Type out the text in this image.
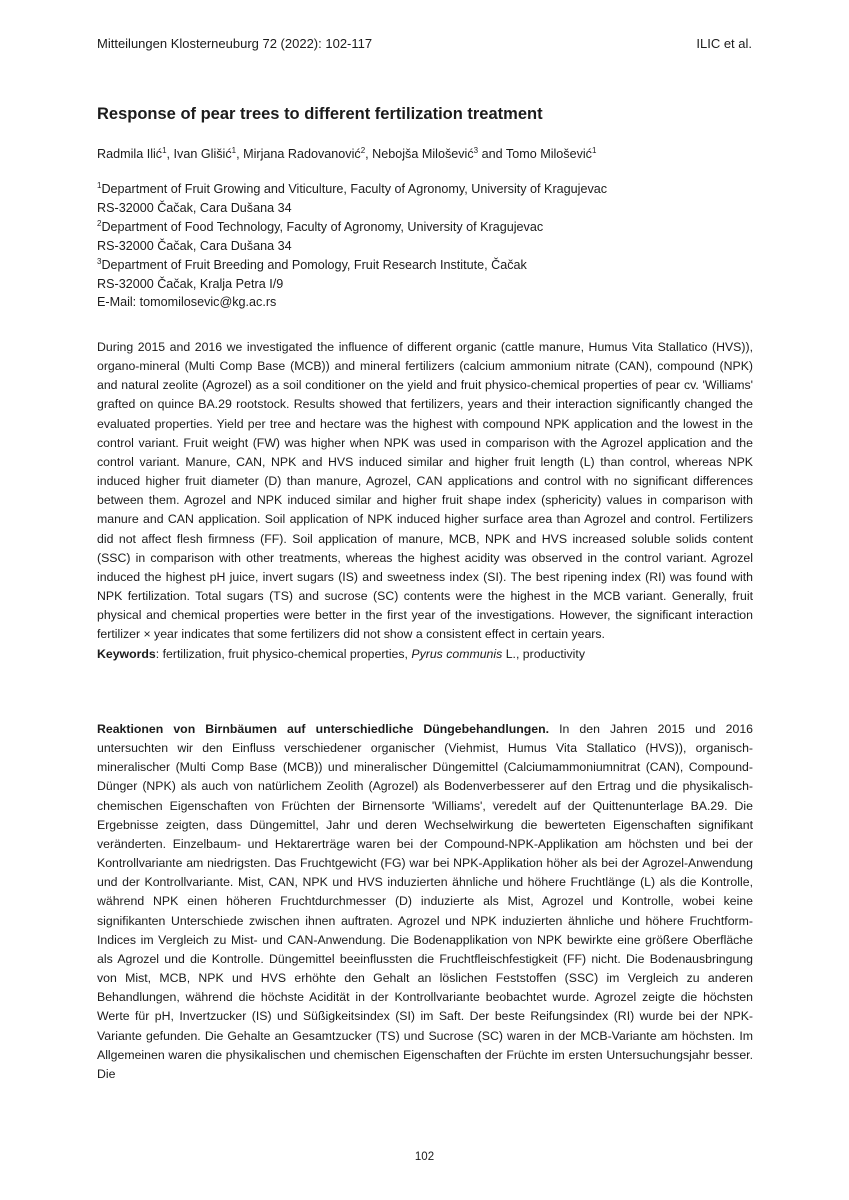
Mitteilungen Klosterneuburg 72 (2022): 102-117	ILIC et al.
Response of pear trees to different fertilization treatment
Radmila Ilić$^1$, Ivan Glišić$^1$, Mirjana Radovanović$^2$, Nebojša Milošević$^3$ and Tomo Milošević$^1$
$^1$Department of Fruit Growing and Viticulture, Faculty of Agronomy, University of Kragujevac
RS-32000 Čačak, Cara Dušana 34
$^2$Department of Food Technology, Faculty of Agronomy, University of Kragujevac
RS-32000 Čačak, Cara Dušana 34
$^3$Department of Fruit Breeding and Pomology, Fruit Research Institute, Čačak
RS-32000 Čačak, Kralja Petra I/9
E-Mail: tomomilosevic@kg.ac.rs

During 2015 and 2016 we investigated the influence of different organic (cattle manure, Humus Vita Stallatico (HVS)), organo-mineral (Multi Comp Base (MCB)) and mineral fertilizers (calcium ammonium nitrate (CAN), compound (NPK) and natural zeolite (Agrozel) as a soil conditioner on the yield and fruit physico-chemical properties of pear cv. 'Williams' grafted on quince BA.29 rootstock. Results showed that fertilizers, years and their interaction significantly changed the evaluated properties. Yield per tree and hectare was the highest with compound NPK application and the lowest in the control variant. Fruit weight (FW) was higher when NPK was used in comparison with the Agrozel application and the control variant. Manure, CAN, NPK and HVS induced similar and higher fruit length (L) than control, whereas NPK induced higher fruit diameter (D) than manure, Agrozel, CAN applications and control with no significant differences between them. Agrozel and NPK induced similar and higher fruit shape index (sphericity) values in comparison with manure and CAN application. Soil application of NPK induced higher surface area than Agrozel and control. Fertilizers did not affect flesh firmness (FF). Soil application of manure, MCB, NPK and HVS increased soluble solids content (SSC) in comparison with other treatments, whereas the highest acidity was observed in the control variant. Agrozel induced the highest pH juice, invert sugars (IS) and sweetness index (SI). The best ripening index (RI) was found with NPK fertilization. Total sugars (TS) and sucrose (SC) contents were the highest in the MCB variant. Generally, fruit physical and chemical properties were better in the first year of the investigations. However, the significant interaction fertilizer × year indicates that some fertilizers did not show a consistent effect in certain years.

Keywords: fertilization, fruit physico-chemical properties, Pyrus communis L., productivity

Reaktionen von Birnbäumen auf unterschiedliche Düngebehandlungen. In den Jahren 2015 und 2016 untersuchten wir den Einfluss verschiedener organischer (Viehmist, Humus Vita Stallatico (HVS)), organisch-mineralischer (Multi Comp Base (MCB)) und mineralischer Düngemittel (Calciumammoniumnitrat (CAN), Compound-Dünger (NPK) als auch von natürlichem Zeolith (Agrozel) als Bodenverbesserer auf den Ertrag und die physikalisch-chemischen Eigenschaften von Früchten der Birnensorte 'Williams', veredelt auf der Quittenunterlage BA.29. Die Ergebnisse zeigten, dass Düngemittel, Jahr und deren Wechselwirkung die bewerteten Eigenschaften signifikant veränderten. Einzelbaum- und Hektarerträge waren bei der Compound-NPK-Applikation am höchsten und bei der Kontrollvariante am niedrigsten. Das Fruchtgewicht (FG) war bei NPK-Applikation höher als bei der Agrozel-Anwendung und der Kontrollvariante. Mist, CAN, NPK und HVS induzierten ähnliche und höhere Fruchtlänge (L) als die Kontrolle, während NPK einen höheren Fruchtdurchmesser (D) induzierte als Mist, Agrozel und Kontrolle, wobei keine signifikanten Unterschiede zwischen ihnen auftraten. Agrozel und NPK induzierten ähnliche und höhere Fruchtform-Indices im Vergleich zu Mist- und CAN-Anwendung. Die Bodenapplikation von NPK bewirkte eine größere Oberfläche als Agrozel und die Kontrolle. Düngemittel beeinflussten die Fruchtfleischfestigkeit (FF) nicht. Die Bodenausbringung von Mist, MCB, NPK und HVS erhöhte den Gehalt an löslichen Feststoffen (SSC) im Vergleich zu anderen Behandlungen, während die höchste Acidität in der Kontrollvariante beobachtet wurde. Agrozel zeigte die höchsten Werte für pH, Invertzucker (IS) und Süßigkeitsindex (SI) im Saft. Der beste Reifungsindex (RI) wurde bei der NPK-Variante gefunden. Die Gehalte an Gesamtzucker (TS) und Sucrose (SC) waren in der MCB-Variante am höchsten. Im Allgemeinen waren die physikalischen und chemischen Eigenschaften der Früchte im ersten Untersuchungsjahr besser. Die

102
